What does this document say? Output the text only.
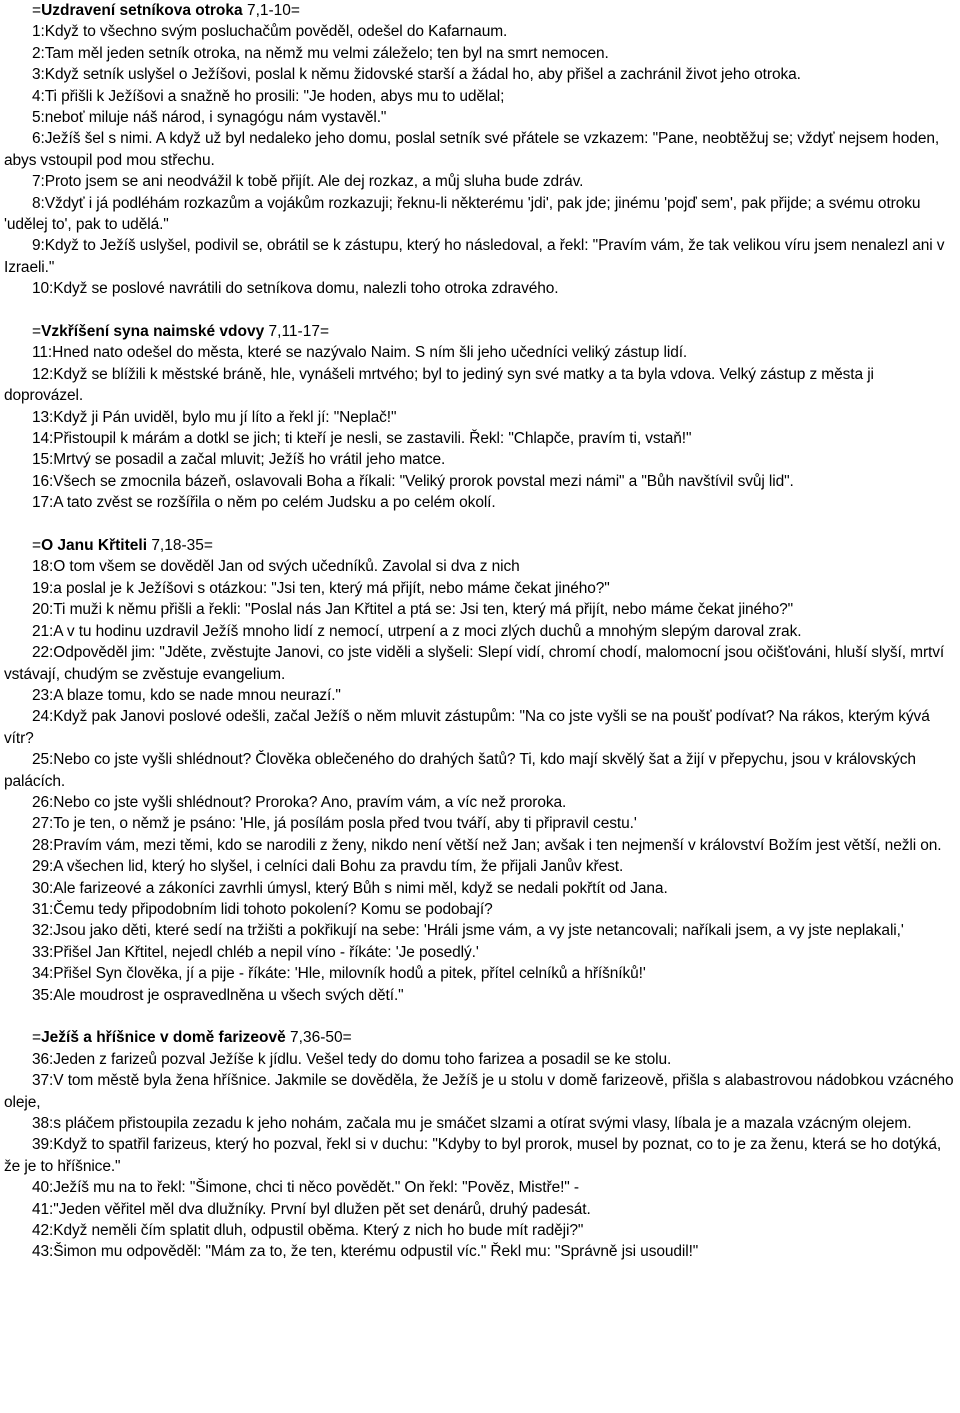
=Uzdravení setníkova otroka 7,1-10=

1:Když to všechno svým posluchačům pověděl, odešel do Kafarnaum.

2:Tam měl jeden setník otroka, na němž mu velmi záleželo; ten byl na smrt nemocen.

3:Když setník uslyšel o Ježíšovi, poslal k němu židovské starší a žádal ho, aby přišel a zachránil život jeho otroka.

4:Ti přišli k Ježíšovi a snažně ho prosili: "Je hoden, abys mu to udělal;

5:neboť miluje náš národ, i synagógu nám vystavěl."

6:Ježíš šel s nimi. A když už byl nedaleko jeho domu, poslal setník své přátele se vzkazem: "Pane, neobtěžuj se; vždyť nejsem hoden, abys vstoupil pod mou střechu.

7:Proto jsem se ani neodvážil k tobě přijít. Ale dej rozkaz, a můj sluha bude zdráv.

8:Vždyť i já podléhám rozkazům a vojákům rozkazuji; řeknu-li některému 'jdi', pak jde; jinému 'pojď sem', pak přijde; a svému otroku 'udělej to', pak to udělá."

9:Když to Ježíš uslyšel, podivil se, obrátil se k zástupu, který ho následoval, a řekl: "Pravím vám, že tak velikou víru jsem nenalezl ani v Izraeli."

10:Když se poslové navrátili do setníkova domu, nalezli toho otroka zdravého.

=Vzkříšení syna naimské vdovy 7,11-17=

11:Hned nato odešel do města, které se nazývalo Naim. S ním šli jeho učedníci veliký zástup lidí.

12:Když se blížili k městské bráně, hle, vynášeli mrtvého; byl to jediný syn své matky a ta byla vdova. Velký zástup z města ji doprovázel.

13:Když ji Pán uviděl, bylo mu jí líto a řekl jí: "Neplač!"

14:Přistoupil k márám a dotkl se jich; ti kteří je nesli, se zastavili. Řekl: "Chlapče, pravím ti, vstaň!"

15:Mrtvý se posadil a začal mluvit; Ježíš ho vrátil jeho matce.

16:Všech se zmocnila bázeň, oslavovali Boha a říkali: "Veliký prorok povstal mezi námi" a "Bůh navštívil svůj lid".

17:A tato zvěst se rozšířila o něm po celém Judsku a po celém okolí.

=O Janu Křtiteli 7,18-35=

18:O tom všem se dověděl Jan od svých učedníků. Zavolal si dva z nich

19:a poslal je k Ježíšovi s otázkou: "Jsi ten, který má přijít, nebo máme čekat jiného?"

20:Ti muži k němu přišli a řekli: "Poslal nás Jan Křtitel a ptá se: Jsi ten, který má přijít, nebo máme čekat jiného?"

21:A v tu hodinu uzdravil Ježíš mnoho lidí z nemocí, utrpení a z moci zlých duchů a mnohým slepým daroval zrak.

22:Odpověděl jim: "Jděte, zvěstujte Janovi, co jste viděli a slyšeli: Slepí vidí, chromí chodí, malomocní jsou očišťováni, hluší slyší, mrtví vstávají, chudým se zvěstuje evangelium.

23:A blaze tomu, kdo se nade mnou neurazí."

24:Když pak Janovi poslové odešli, začal Ježíš o něm mluvit zástupům: "Na co jste vyšli se na poušť podívat? Na rákos, kterým kývá vítr?

25:Nebo co jste vyšli shlédnout? Člověka oblečeného do drahých šatů? Ti, kdo mají skvělý šat a žijí v přepychu, jsou v královských palácích.

26:Nebo co jste vyšli shlédnout? Proroka? Ano, pravím vám, a víc než proroka.

27:To je ten, o němž je psáno: 'Hle, já posílám posla před tvou tváří, aby ti připravil cestu.'

28:Pravím vám, mezi těmi, kdo se narodili z ženy, nikdo není větší než Jan; avšak i ten nejmenší v království Božím jest větší, nežli on.

29:A všechen lid, který ho slyšel, i celníci dali Bohu za pravdu tím, že přijali Janův křest.

30:Ale farizeové a zákoníci zavrhli úmysl, který Bůh s nimi měl, když se nedali pokřtít od Jana.

31:Čemu tedy připodobním lidi tohoto pokolení? Komu se podobají?

32:Jsou jako děti, které sedí na tržišti a pokřikují na sebe: 'Hráli jsme vám, a vy jste netancovali; naříkali jsem, a vy jste neplakali,'

33:Přišel Jan Křtitel, nejedl chléb a nepil víno - říkáte: 'Je posedlý.'

34:Přišel Syn člověka, jí a pije - říkáte: 'Hle, milovník hodů a pitek, přítel celníků a hříšníků!'

35:Ale moudrost je ospravedlněna u všech svých dětí."

=Ježíš a hříšnice v domě farizeově 7,36-50=

36:Jeden z farizeů pozval Ježíše k jídlu. Vešel tedy do domu toho farizea a posadil se ke stolu.

37:V tom městě byla žena hříšnice. Jakmile se dověděla, že Ježíš je u stolu v domě farizeově, přišla s alabastrovou nádobkou vzácného oleje,

38:s pláčem přistoupila zezadu k jeho nohám, začala mu je smáčet slzami a otírat svými vlasy, líbala je a mazala vzácným olejem.

39:Když to spatřil farizeus, který ho pozval, řekl si v duchu: "Kdyby to byl prorok, musel by poznat, co to je za ženu, která se ho dotýká, že je to hříšnice."

40:Ježíš mu na to řekl: "Šimone, chci ti něco povědět." On řekl: "Pověz, Mistře!" -

41:"Jeden věřitel měl dva dlužníky. První byl dlužen pět set denárů, druhý padesát.

42:Když neměli čím splatit dluh, odpustil oběma. Který z nich ho bude mít raději?"

43:Šimon mu odpověděl: "Mám za to, že ten, kterému odpustil víc." Řekl mu: "Správně jsi usoudil!"
